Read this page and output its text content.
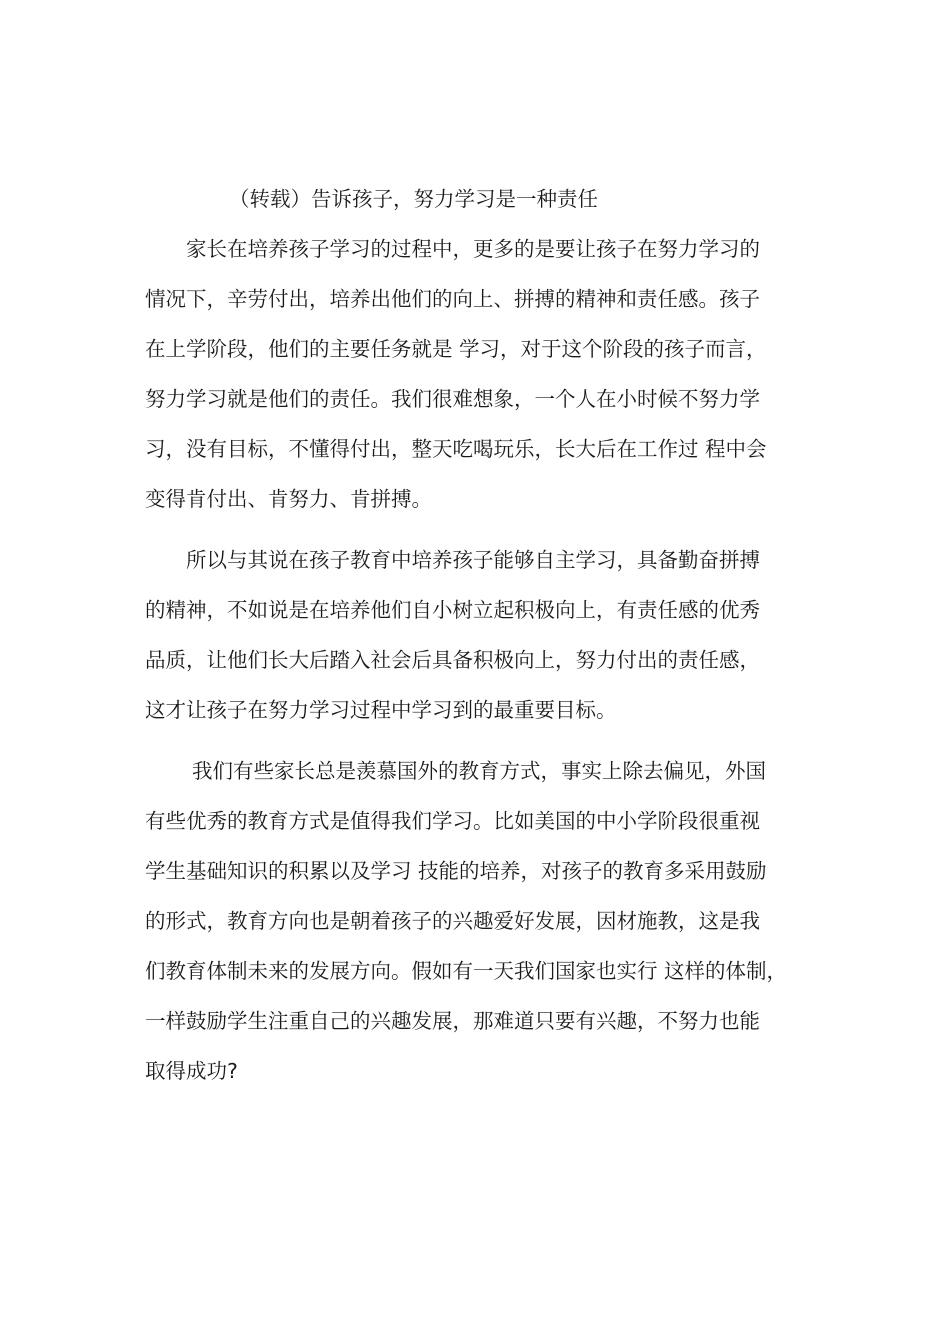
（转载）告诉孩子，努力学习是一种责任
家长在培养孩子学习的过程中，更多的是要让孩子在努力学习的
情况下，辛劳付出，培养出他们的向上、拼搏的精神和责任感。孩子
在上学阶段，他们的主要任务就是 学习，对于这个阶段的孩子而言，
努力学习就是他们的责任。我们很难想象，一个人在小时候不努力学
习，没有目标，不懂得付出，整天吃喝玩乐，长大后在工作过 程中会
变得肯付出、肯努力、肯拼搏。
所以与其说在孩子教育中培养孩子能够自主学习，具备勤奋拼搏
的精神，不如说是在培养他们自小树立起积极向上，有责任感的优秀
品质，让他们长大后踏入社会后具备积极向上，努力付出的责任感，
这才让孩子在努力学习过程中学习到的最重要目标。
我们有些家长总是羡慕国外的教育方式，事实上除去偏见，外国
有些优秀的教育方式是值得我们学习。比如美国的中小学阶段很重视
学生基础知识的积累以及学习 技能的培养，对孩子的教育多采用鼓励
的形式，教育方向也是朝着孩子的兴趣爱好发展，因材施教，这是我
们教育体制未来的发展方向。假如有一天我们国家也实行 这样的体制，
一样鼓励学生注重自己的兴趣发展，那难道只要有兴趣，不努力也能
取得成功?
